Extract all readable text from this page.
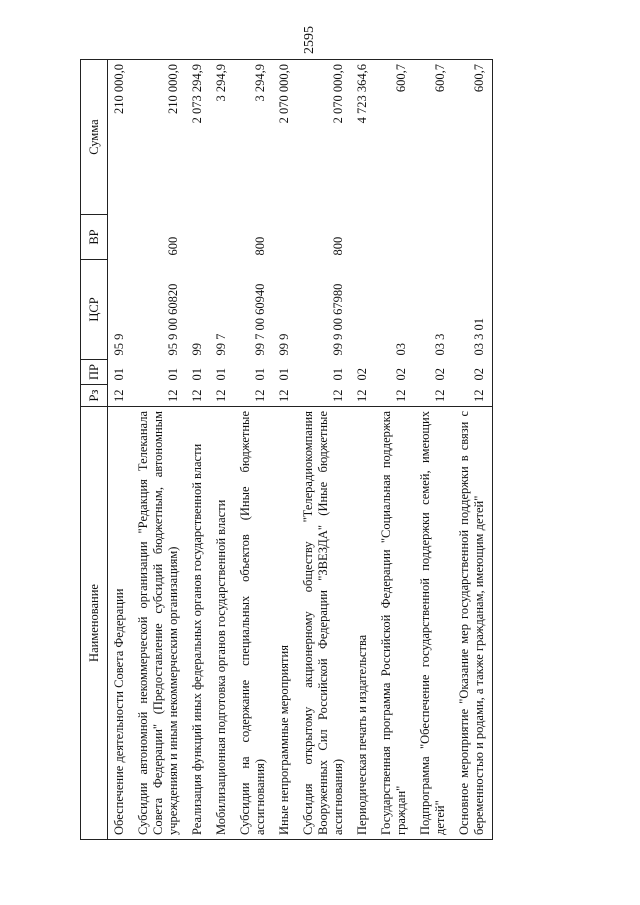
2595
Наименование	Рз	ПР	ЦСР	ВР	Сумма
Обеспечение деятельности Совета Федерации	12	01	95 9		210 000,0
Субсидии автономной некоммерческой организации "Редакция Телеканала Совета Федерации" (Предоставление субсидий бюджетным, автономным учреждениям и иным некоммерческим организациям)	12	01	95 9 00 60820	600	210 000,0
Реализация функций иных федеральных органов государственной власти	12	01	99		2 073 294,9
Мобилизационная подготовка органов государственной власти	12	01	99 7		3 294,9
Субсидии на содержание специальных объектов (Иные бюджетные ассигнования)	12	01	99 7 00 60940	800	3 294,9
Иные непрограммные мероприятия	12	01	99 9		2 070 000,0
Субсидия открытому акционерному обществу "Телерадиокомпания Вооруженных Сил Российской Федерации "ЗВЕЗДА" (Иные бюджетные ассигнования)	12	01	99 9 00 67980	800	2 070 000,0
Периодическая печать и издательства	12	02			4 723 364,6
Государственная программа Российской Федерации "Социальная поддержка граждан"	12	02	03		600,7
Подпрограмма "Обеспечение государственной поддержки семей, имеющих детей"	12	02	03 3		600,7
Основное мероприятие "Оказание мер государственной поддержки в связи с беременностью и родами, а также гражданам, имеющим детей"	12	02	03 3 01		600,7
